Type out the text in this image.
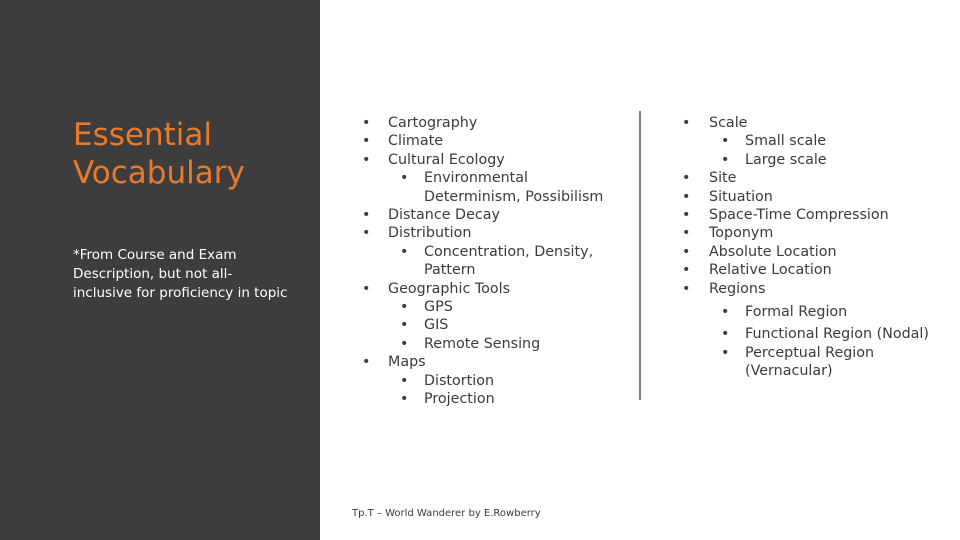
Essential
Vocabulary

*From Course and Exam Description, but not all-inclusive for proficiency in topic

• Cartography
• Climate
• Cultural Ecology
• Environmental
Determinism, Possibilism
• Distance Decay
• Distribution
• Concentration, Density,
Pattern
• Geographic Tools
• GPS
• GIS
• Remote Sensing
• Maps
• Distortion
• Projection
• Scale
• Small scale
• Large scale
• Site
• Situation
• Space-Time Compression
• Toponym
• Absolute Location
• Relative Location
• Regions
• Formal Region
• Functional Region (Nodal)
• Perceptual Region
(Vernacular)
Tp.T – World Wanderer by E.Rowberry
